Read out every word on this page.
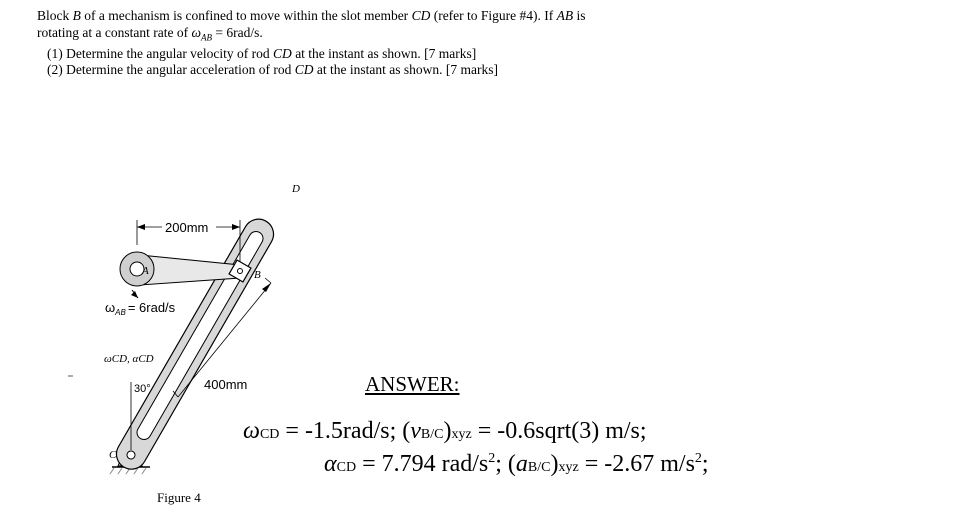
Block B of a mechanism is confined to move within the slot member CD (refer to Figure #4). If AB is

rotating at a constant rate of $\omega_{AB} = 6rad/s$.

(1) Determine the angular velocity of rod CD at the instant as shown. [7 marks]

(2) Determine the angular acceleration of rod CD at the instant as shown. [7 marks]

200mm
A	B
C
D
$\omega_{AB} = 6rad/s$
ωCD, αCD
30°	400mm
Figure 4
ANSWER:
ωCD = -1.5rad/s; (vB/C)xyz = -0.6sqrt(3) m/s;
αCD = 7.794 rad/$s^2$; (aB/C)xyz = -2.67 $m/s^2$;
